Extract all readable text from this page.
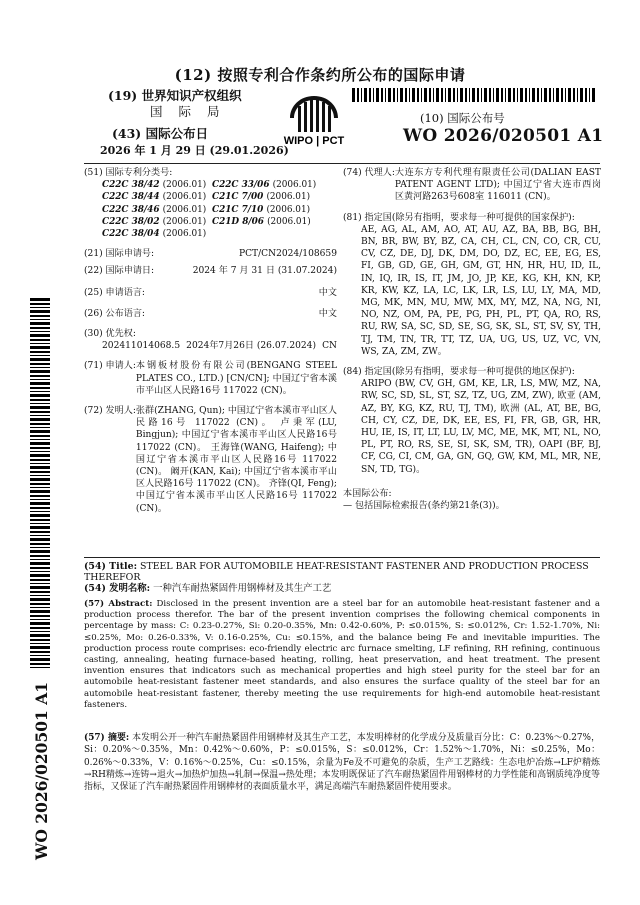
(12) 按照专利合作条约所公布的国际申请
(19) 世界知识产权组织
国 际 局
(43) 国际公布日
2026 年 1 月 29 日 (29.01.2026)
WIPO | PCT
(10) 国际公布号
WO 2026/020501 A1
(51) 国际专利分类号:
C22C 38/42 (2006.01) C22C 33/06 (2006.01)
C22C 38/44 (2006.01) C21C 7/00 (2006.01)
C22C 38/46 (2006.01) C21C 7/10 (2006.01)
C22C 38/02 (2006.01) C21D 8/06 (2006.01)
C22C 38/04 (2006.01)
(21) 国际申请号:	PCT/CN2024/108659
(22) 国际申请日:	2024 年 7 月 31 日 (31.07.2024)
(25) 申请语言:	中文
(26) 公布语言:	中文
(30) 优先权:
202411014068.5 2024年7月26日 (26.07.2024) CN
(71) 申请人: 本钢板材股份有限公司(BENGANG STEEL PLATES CO., LTD.) [CN/CN]; 中国辽宁省本溪市平山区人民路16号 117022 (CN)。
(72) 发明人: 张群(ZHANG, Qun); 中国辽宁省本溪市平山区人民路16号 117022 (CN)。 卢秉军(LU, Bingjun); 中国辽宁省本溪市平山区人民路16号 117022 (CN)。 王海锋(WANG, Haifeng); 中国辽宁省本溪市平山区人民路16号 117022 (CN)。 阚开(KAN, Kai); 中国辽宁省本溪市平山区人民路16号 117022 (CN)。 齐锋(QI, Feng); 中国辽宁省本溪市平山区人民路16号 117022 (CN)。
(74) 代理人: 大连东方专利代理有限责任公司(DALIAN EAST PATENT AGENT LTD); 中国辽宁省大连市西岗区黄河路263号608室 116011 (CN)。
(81) 指定国(除另有指明，要求每一种可提供的国家保护):
AE, AG, AL, AM, AO, AT, AU, AZ, BA, BB, BG, BH, BN, BR, BW, BY, BZ, CA, CH, CL, CN, CO, CR, CU, CV, CZ, DE, DJ, DK, DM, DO, DZ, EC, EE, EG, ES, FI, GB, GD, GE, GH, GM, GT, HN, HR, HU, ID, IL, IN, IQ, IR, IS, IT, JM, JO, JP, KE, KG, KH, KN, KP, KR, KW, KZ, LA, LC, LK, LR, LS, LU, LY, MA, MD, MG, MK, MN, MU, MW, MX, MY, MZ, NA, NG, NI, NO, NZ, OM, PA, PE, PG, PH, PL, PT, QA, RO, RS, RU, RW, SA, SC, SD, SE, SG, SK, SL, ST, SV, SY, TH, TJ, TM, TN, TR, TT, TZ, UA, UG, US, UZ, VC, VN, WS, ZA, ZM, ZW。
(84) 指定国(除另有指明，要求每一种可提供的地区保护):
ARIPO (BW, CV, GH, GM, KE, LR, LS, MW, MZ, NA, RW, SC, SD, SL, ST, SZ, TZ, UG, ZM, ZW), 欧亚 (AM, AZ, BY, KG, KZ, RU, TJ, TM), 欧洲 (AL, AT, BE, BG, CH, CY, CZ, DE, DK, EE, ES, FI, FR, GB, GR, HR, HU, IE, IS, IT, LT, LU, LV, MC, ME, MK, MT, NL, NO, PL, PT, RO, RS, SE, SI, SK, SM, TR), OAPI (BF, BJ, CF, CG, CI, CM, GA, GN, GQ, GW, KM, ML, MR, NE, SN, TD, TG)。
本国际公布:
— 包括国际检索报告(条约第21条(3))。
(54) Title: STEEL BAR FOR AUTOMOBILE HEAT-RESISTANT FASTENER AND PRODUCTION PROCESS THEREFOR
(54) 发明名称: 一种汽车耐热紧固件用钢棒材及其生产工艺
(57) Abstract: Disclosed in the present invention are a steel bar for an automobile heat-resistant fastener and a production process therefor. The bar of the present invention comprises the following chemical components in percentage by mass: C: 0.23-0.27%, Si: 0.20-0.35%, Mn: 0.42-0.60%, P: ≤0.015%, S: ≤0.012%, Cr: 1.52-1.70%, Ni: ≤0.25%, Mo: 0.26-0.33%, V: 0.16-0.25%, Cu: ≤0.15%, and the balance being Fe and inevitable impurities. The production process route comprises: eco-friendly electric arc furnace smelting, LF refining, RH refining, continuous casting, annealing, heating furnace-based heating, rolling, heat preservation, and heat treatment. The present invention ensures that indicators such as mechanical properties and high steel purity for the steel bar for an automobile heat-resistant fastener meet standards, and also ensures the surface quality of the steel bar for an automobile heat-resistant fastener, thereby meeting the use requirements for high-end automobile heat-resistant fasteners.
(57) 摘要: 本发明公开一种汽车耐热紧固件用钢棒材及其生产工艺，本发明棒材的化学成分及质量百分比：C：0.23%～0.27%，Si：0.20%～0.35%，Mn：0.42%～0.60%，P：≤0.015%，S：≤0.012%，Cr：1.52%～1.70%，Ni：≤0.25%，Mo：0.26%～0.33%，V：0.16%～0.25%，Cu：≤0.15%，余量为Fe及不可避免的杂质，生产工艺路线：生态电炉冶炼→LF炉精炼→RH精炼→连铸→退火→加热炉加热→轧制→保温→热处理；本发明既保证了汽车耐热紧固件用钢棒材的力学性能和高钢质纯净度等指标，又保证了汽车耐热紧固件用钢棒材的表面质量水平，满足高端汽车耐热紧固件使用要求。
WO 2026/020501 A1
